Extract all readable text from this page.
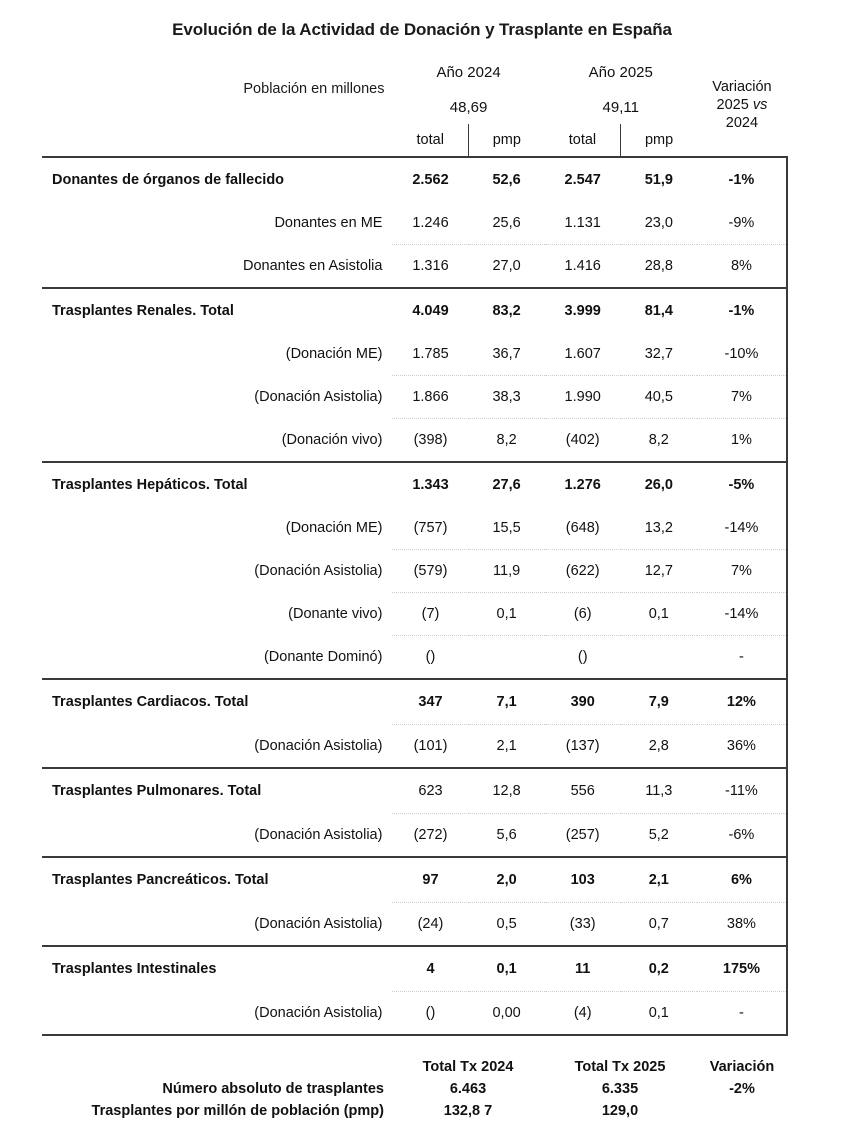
Evolución de la Actividad de Donación y Trasplante en España
Población en millones	Año 2024		Año 2025		Variación
2025 vs
2024
	48,69		49,11		
	total	pmp	total	pmp	
Donantes de órganos de fallecido	2.562	52,6	2.547	51,9	-1%
Donantes en ME	1.246	25,6	1.131	23,0	-9%
Donantes en Asistolia	1.316	27,0	1.416	28,8	8%
Trasplantes Renales. Total	4.049	83,2	3.999	81,4	-1%
(Donación ME)	1.785	36,7	1.607	32,7	-10%
(Donación Asistolia)	1.866	38,3	1.990	40,5	7%
(Donación vivo)	(398)	8,2	(402)	8,2	1%
Trasplantes Hepáticos. Total	1.343	27,6	1.276	26,0	-5%
(Donación ME)	(757)	15,5	(648)	13,2	-14%
(Donación Asistolia)	(579)	11,9	(622)	12,7	7%
(Donante vivo)	(7)	0,1	(6)	0,1	-14%
(Donante Dominó)	()		()		-
Trasplantes Cardiacos. Total	347	7,1	390	7,9	12%
(Donación Asistolia)	(101)	2,1	(137)	2,8	36%
Trasplantes Pulmonares. Total	623	12,8	556	11,3	-11%
(Donación Asistolia)	(272)	5,6	(257)	5,2	-6%
Trasplantes Pancreáticos. Total	97	2,0	103	2,1	6%
(Donación Asistolia)	(24)	0,5	(33)	0,7	38%
Trasplantes Intestinales	4	0,1	11	0,2	175%
(Donación Asistolia)	()	0,00	(4)	0,1	-
	Total Tx 2024	Total Tx 2025	Variación
Número absoluto de trasplantes	6.463	6.335	-2%
Trasplantes por millón de población (pmp)	132,8 7	129,0	
